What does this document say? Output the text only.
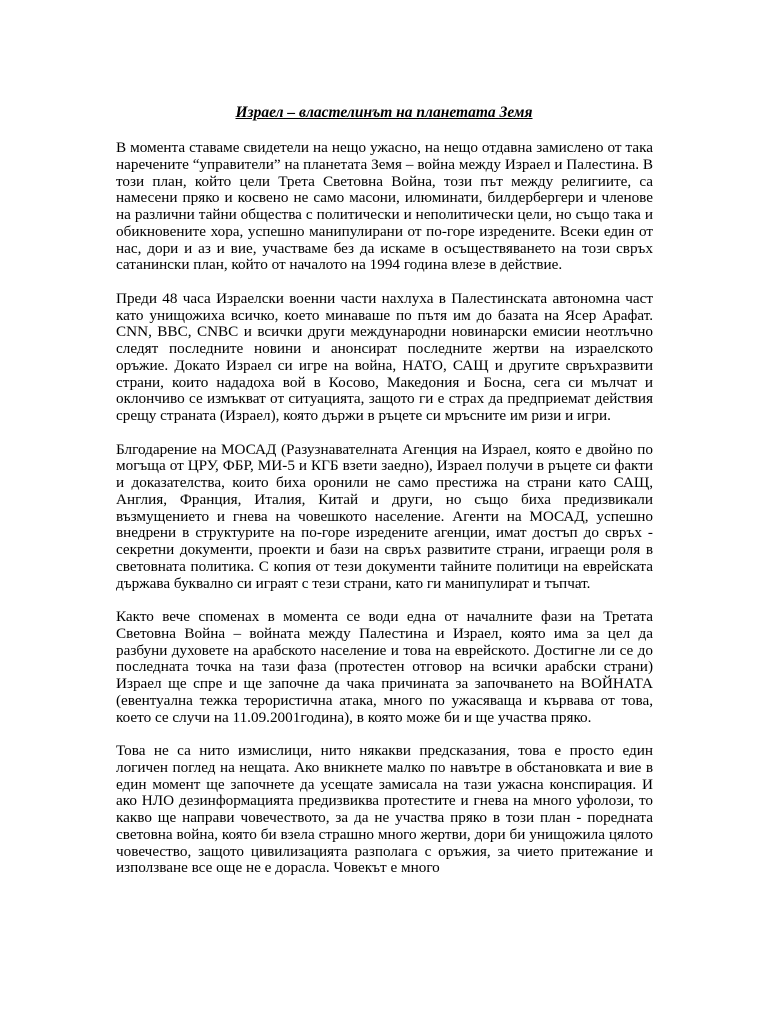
Израел – властелинът на планетата Земя

В момента ставаме свидетели на нещо ужасно, на нещо отдавна замислено от така наречените “управители” на планетата Земя – война между Израел и Палестина. В този план, който цели Трета Световна Война, този път между религиите, са намесени пряко и косвено не само масони, илюминати, билдербергери и членове на различни тайни общества с политически и неполитически цели, но също така и обикновените хора, успешно манипулирани от по-горе изредените. Всеки един от нас, дори и аз и вие, участваме без да искаме в осъществяването на този свръх сатанински план, който от началото на 1994 година влезе в действие.

Преди 48 часа Израелски военни части нахлуха в Палестинската автономна част като унищожиха всичко, което минаваше по пътя им до базата на Ясер Арафат. CNN, BBC, CNBC и всички други международни новинарски емисии неотлъчно следят последните новини и анонсират последните жертви на израелското оръжие. Докато Израел си игре на война, НАТО, САЩ и другите свръхразвити страни, които нададоха вой в Косово, Македония и Босна, сега си мълчат и оклончиво се измъкват от ситуацията, защото ги е страх да предприемат действия срещу страната (Израел), която държи в ръцете си мръсните им ризи и игри.

Блгодарение на МОСАД (Разузнавателната Агенция на Израел, която е двойно по могъща от ЦРУ, ФБР, МИ-5 и КГБ взети заедно), Израел получи в ръцете си факти и доказателства, които биха оронили не само престижа на страни като САЩ, Англия, Франция, Италия, Китай и други, но също биха предизвикали възмущението и гнева на човешкото население. Агенти на МОСАД, успешно внедрени в структурите на по-горе изредените агенции, имат достъп до свръх - секретни документи, проекти и бази на свръх развитите страни, играещи роля в световната политика. С копия от тези документи тайните политици на еврейската държава буквално си играят с тези страни, като ги манипулират и тъпчат.

Както вече споменах в момента се води една от началните фази на Третата Световна Война – войната между Палестина и Израел, която има за цел да разбуни духовете на арабското население и това на еврейското. Достигне ли се до последната точка на тази фаза (протестен отговор на всички арабски страни) Израел ще спре и ще започне да чака причината за започването на ВОЙНАТА (евентуална тежка терористична атака, много по ужасяваща и кървава от това, което се случи на 11.09.2001година), в която може би и ще участва пряко.

Това не са нито измислици, нито някакви предсказания, това е просто един логичен поглед на нещата. Ако вникнете малко по навътре в обстановката и вие в един момент ще започнете да усещате замисала на тази ужасна конспирация. И ако НЛО дезинформацията предизвиква протестите и гнева на много уфолози, то какво ще направи човечеството, за да не участва пряко в този план - поредната световна война, която би взела страшно много жертви, дори би унищожила цялото човечество, защото цивилизацията разполага с оръжия, за чието притежание и използване все още не е дорасла. Човекът е много
